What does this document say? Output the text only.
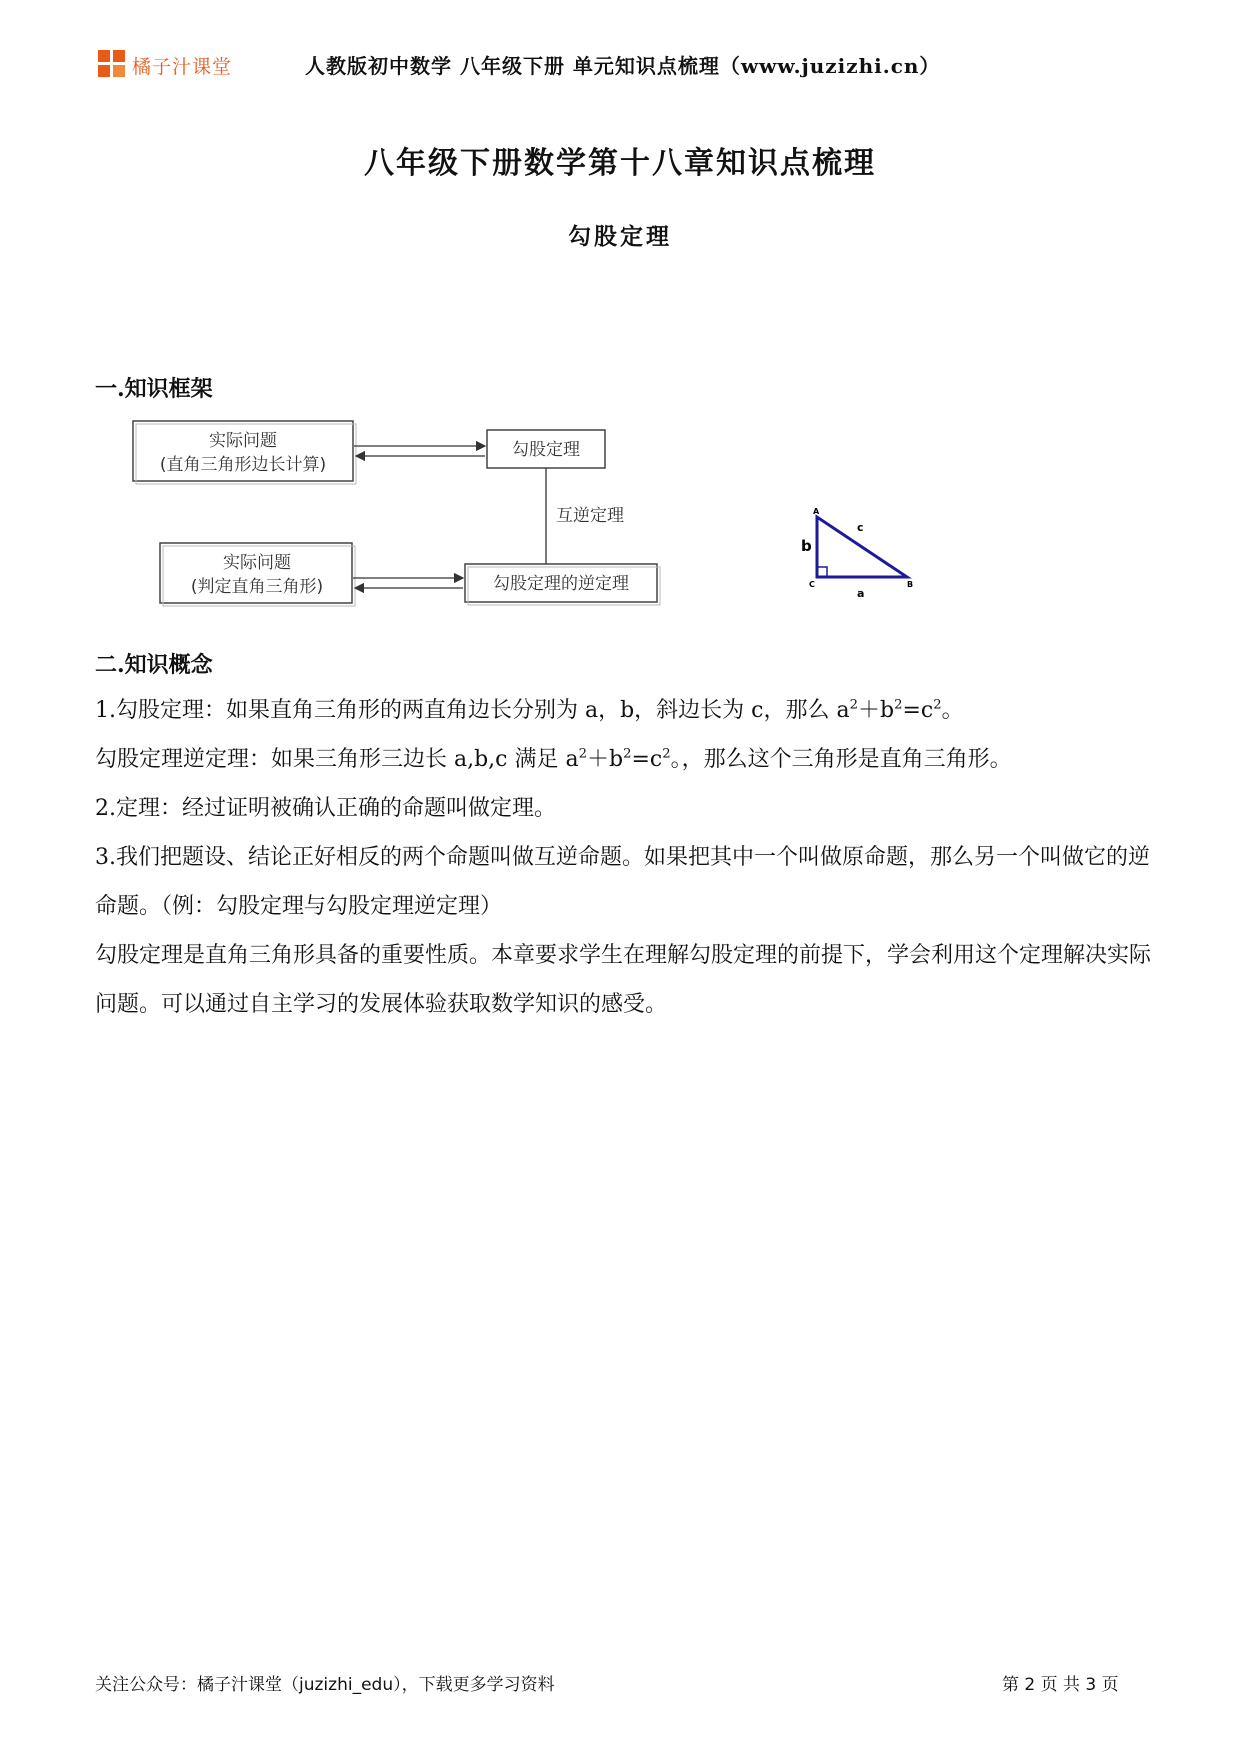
橘子汁课堂	人教版初中数学 八年级下册 单元知识点梳理（www.juzizhi.cn）
八年级下册数学第十八章知识点梳理
勾股定理
一.知识框架
实际问题
(直角三角形边长计算)
勾股定理
互逆定理
实际问题
(判定直角三角形)	勾股定理的逆定理
A
C	B
b
c
a
二.知识概念

1.勾股定理：如果直角三角形的两直角边长分别为 a，b，斜边长为 c，那么 $a^2+b^2=c^2$。

勾股定理逆定理：如果三角形三边长 a,b,c 满足 $a^2+b^2=c^2$。，那么这个三角形是直角三角形。

2.定理：经过证明被确认正确的命题叫做定理。

3.我们把题设、结论正好相反的两个命题叫做互逆命题。如果把其中一个叫做原命题，那么另一个叫做它的逆命题。（例：勾股定理与勾股定理逆定理）

勾股定理是直角三角形具备的重要性质。本章要求学生在理解勾股定理的前提下，学会利用这个定理解决实际问题。可以通过自主学习的发展体验获取数学知识的感受。

关注公众号：橘子汁课堂（juzizhi_edu），下载更多学习资料	第 2 页 共 3 页
